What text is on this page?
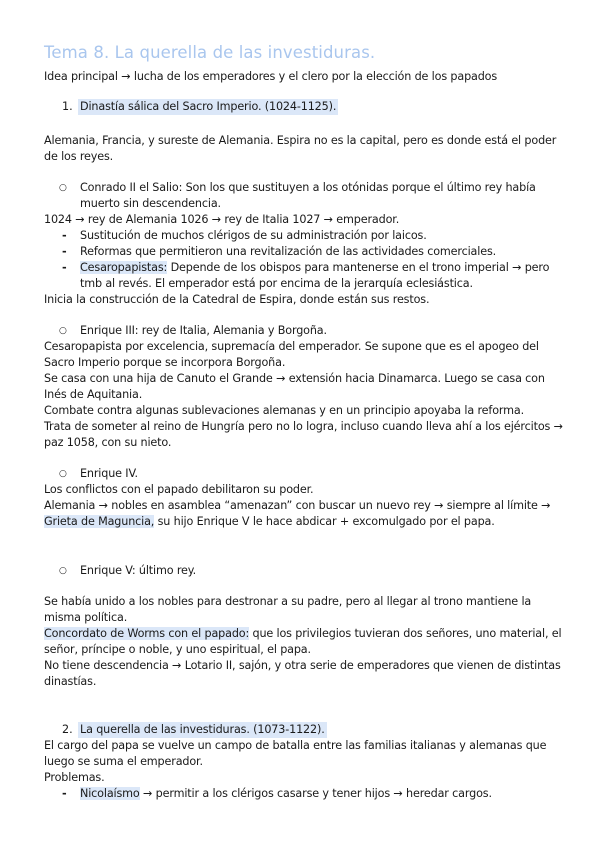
Tema 8. La querella de las investiduras.
Idea principal → lucha de los emperadores y el clero por la elección de los papados
1. Dinastía sálica del Sacro Imperio. (1024-1125).
Alemania, Francia, y sureste de Alemania. Espira no es la capital, pero es donde está el poder
de los reyes.
○ Conrado II el Salio: Son los que sustituyen a los otónidas porque el último rey había
muerto sin descendencia.
1024 → rey de Alemania 1026 → rey de Italia 1027 → emperador.
- Sustitución de muchos clérigos de su administración por laicos.
- Reformas que permitieron una revitalización de las actividades comerciales.
- Cesaropapistas: Depende de los obispos para mantenerse en el trono imperial → pero
tmb al revés. El emperador está por encima de la jerarquía eclesiástica.
Inicia la construcción de la Catedral de Espira, donde están sus restos.
○ Enrique III: rey de Italia, Alemania y Borgoña.
Cesaropapista por excelencia, supremacía del emperador. Se supone que es el apogeo del
Sacro Imperio porque se incorpora Borgoña.
Se casa con una hija de Canuto el Grande → extensión hacia Dinamarca. Luego se casa con
Inés de Aquitania.
Combate contra algunas sublevaciones alemanas y en un principio apoyaba la reforma.
Trata de someter al reino de Hungría pero no lo logra, incluso cuando lleva ahí a los ejércitos →
paz 1058, con su nieto.
○ Enrique IV.
Los conflictos con el papado debilitaron su poder.
Alemania → nobles en asamblea “amenazan” con buscar un nuevo rey → siempre al límite →
Grieta de Maguncia, su hijo Enrique V le hace abdicar + excomulgado por el papa.
○ Enrique V: último rey.
Se había unido a los nobles para destronar a su padre, pero al llegar al trono mantiene la
misma política.
Concordato de Worms con el papado: que los privilegios tuvieran dos señores, uno material, el
señor, príncipe o noble, y uno espiritual, el papa.
No tiene descendencia → Lotario II, sajón, y otra serie de emperadores que vienen de distintas
dinastías.
2. La querella de las investiduras. (1073-1122).
El cargo del papa se vuelve un campo de batalla entre las familias italianas y alemanas que
luego se suma el emperador.
Problemas.
- Nicolaísmo → permitir a los clérigos casarse y tener hijos → heredar cargos.
